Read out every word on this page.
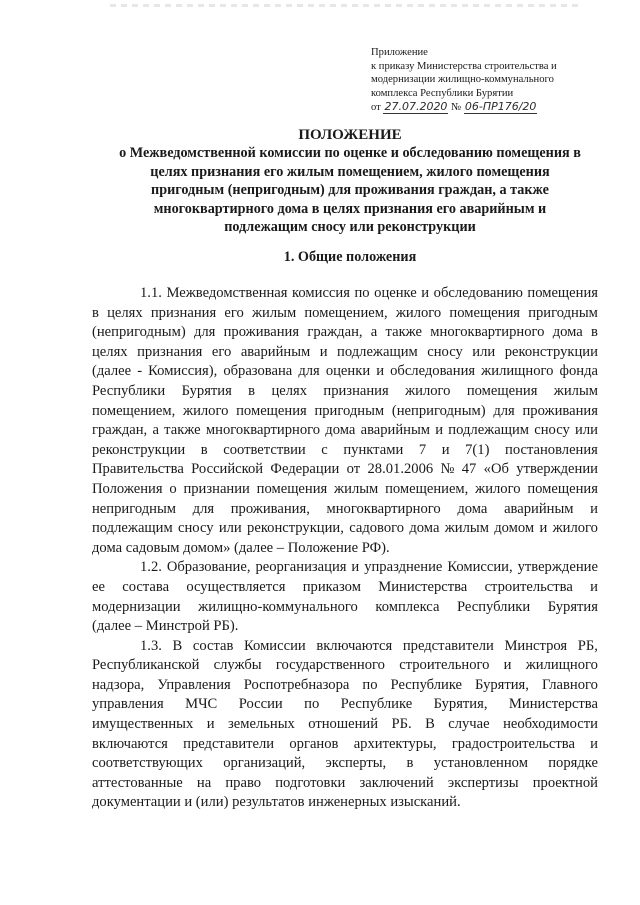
Приложение
к приказу Министерства строительства и
модернизации жилищно-коммунального
комплекса Республики Бурятии
от 27.07.2020 № 06-ПР176/20
ПОЛОЖЕНИЕ
о Межведомственной комиссии по оценке и обследованию помещения в
целях признания его жилым помещением, жилого помещения
пригодным (непригодным) для проживания граждан, а также
многоквартирного дома в целях признания его аварийным и
подлежащим сносу или реконструкции
1. Общие положения
1.1. Межведомственная комиссия по оценке и обследованию помещения
в целях признания его жилым помещением, жилого помещения пригодным
(непригодным) для проживания граждан, а также многоквартирного дома в
целях признания его аварийным и подлежащим сносу или реконструкции
(далее - Комиссия), образована для оценки и обследования жилищного фонда
Республики Бурятия в целях признания жилого помещения жилым
помещением, жилого помещения пригодным (непригодным) для проживания
граждан, а также многоквартирного дома аварийным и подлежащим сносу или
реконструкции в соответствии с пунктами 7 и 7(1) постановления
Правительства Российской Федерации от 28.01.2006 № 47 «Об утверждении
Положения о признании помещения жилым помещением, жилого помещения
непригодным для проживания, многоквартирного дома аварийным и
подлежащим сносу или реконструкции, садового дома жилым домом и жилого
дома садовым домом» (далее – Положение РФ).
1.2. Образование, реорганизация и упразднение Комиссии, утверждение
ее состава осуществляется приказом Министерства строительства и
модернизации жилищно-коммунального комплекса Республики Бурятия
(далее – Минстрой РБ).
1.3. В состав Комиссии включаются представители Минстроя РБ,
Республиканской службы государственного строительного и жилищного
надзора, Управления Роспотребназора по Республике Бурятия, Главного
управления МЧС России по Республике Бурятия, Министерства
имущественных и земельных отношений РБ. В случае необходимости
включаются представители органов архитектуры, градостроительства и
соответствующих организаций, эксперты, в установленном порядке
аттестованные на право подготовки заключений экспертизы проектной
документации и (или) результатов инженерных изысканий.
